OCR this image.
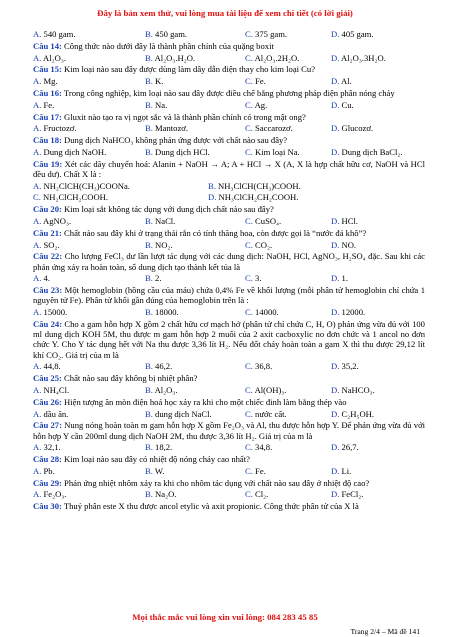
Đây là bản xem thử, vui lòng mua tài liệu để xem chi tiết (có lời giải)
A. 540 gam.	B. 450 gam.	C. 375 gam.	D. 405 gam.
Câu 14: Công thức nào dưới đây là thành phần chính của quặng boxit
A. Al₂O₃.	B. Al₂O₃.H₂O.	C. Al₂O₃.2H₂O.	D. Al₂O₃.3H₂O.
Câu 15: Kim loại nào sau đây được dùng làm dây dẫn điện thay cho kim loại Cu?
A. Mg.	B. K.	C. Fe.	D. Al.
Câu 16: Trong công nghiệp, kim loại nào sau đây được điều chế bằng phương pháp điện phân nóng chảy
A. Fe.	B. Na.	C. Ag.	D. Cu.
Câu 17: Gluxit nào tạo ra vị ngọt sắc và là thành phần chính có trong mật ong?
A. Fructozơ.	B. Mantozơ.	C. Saccarozơ.	D. Glucozơ.
Câu 18: Dung dịch NaHCO₃ không phản ứng được với chất nào sau đây?
A. Dung dịch NaOH.	B. Dung dịch HCl.	C. Kim loại Na.	D. Dung dịch BaCl₂.
Câu 19: Xét các dãy chuyển hoá: Alanin + NaOH → A; A + HCl → X (A, X là hợp chất hữu cơ, NaOH và HCl đều dư). Chất X là :
A. NH₂ClCH(CH₃)COONa.	B. NH₃ClCH(CH₃)COOH.
C. NH₂ClCH₂COOH.	D. NH₃ClCH₂CH₂COOH.
Câu 20: Kim loại sắt không tác dụng với dung dịch chất nào sau đây?
A. AgNO₃.	B. NaCl.	C. CuSO₄.	D. HCl.
Câu 21: Chất nào sau đây khi ở trạng thái rắn có tính thăng hoa, còn được gọi là “nước đá khô”?
A. SO₂.	B. NO₂.	C. CO₂.	D. NO.
Câu 22: Cho lượng FeCl₃ dư lần lượt tác dụng với các dung dịch: NaOH, HCl, AgNO₃, H₂SO₄ đặc. Sau khi các phản ứng xảy ra hoàn toàn, số dung dịch tạo thành kết tủa là
A. 4.	B. 2.	C. 3.	D. 1.
Câu 23: Một hemoglobin (hồng cầu của máu) chứa 0,4% Fe về khối lượng (mỗi phân tử hemoglobin chỉ chứa 1 nguyên tử Fe). Phân tử khối gần đúng của hemoglobin trên là :
A. 15000.	B. 18000.	C. 14000.	D. 12000.
Câu 24: Cho a gam hỗn hợp X gồm 2 chất hữu cơ mạch hở (phân tử chỉ chứa C, H, O) phản ứng vừa đủ với 100 ml dung dịch KOH 5M, thu được m gam hỗn hợp 2 muối của 2 axit cacboxylic no đơn chức và 1 ancol no đơn chức Y. Cho Y tác dụng hết với Na thu được 3,36 lít H₂. Nếu đốt cháy hoàn toàn a gam X thì thu được 29,12 lít khí CO₂. Giá trị của m là
A. 44,8.	B. 46,2.	C. 36,8.	D. 35,2.
Câu 25: Chất nào sau đây không bị nhiệt phân?
A. NH₄Cl.	B. Al₂O₃.	C. Al(OH)₃.	D. NaHCO₃.
Câu 26: Hiện tượng ăn mòn điện hoá học xảy ra khi cho một chiếc đinh làm bằng thép vào
A. dầu ăn.	B. dung dịch NaCl.	C. nước cất.	D. C₂H₅OH.
Câu 27: Nung nóng hoàn toàn m gam hỗn hợp X gồm Fe₂O₃ và Al, thu được hỗn hợp Y. Để phản ứng vừa đủ với hỗn hợp Y cần 200ml dung dịch NaOH 2M, thu được 3,36 lít H₂. Giá trị của m là
A. 32,1.	B. 18,2.	C. 34,8.	D. 26,7.
Câu 28: Kim loại nào sau đây có nhiệt độ nóng chảy cao nhất?
A. Pb.	B. W.	C. Fe.	D. Li.
Câu 29: Phản ứng nhiệt nhôm xảy ra khi cho nhôm tác dụng với chất nào sau đây ở nhiệt độ cao?
A. Fe₂O₃.	B. Na₂O.	C. Cl₂.	D. FeCl₂.
Câu 30: Thuỷ phân este X thu được ancol etylic và axit propionic. Công thức phân tử của X là
Mọi thắc mắc vui lòng xin vui lòng: 084 283 45 85
Trang 2/4 – Mã đề 141
